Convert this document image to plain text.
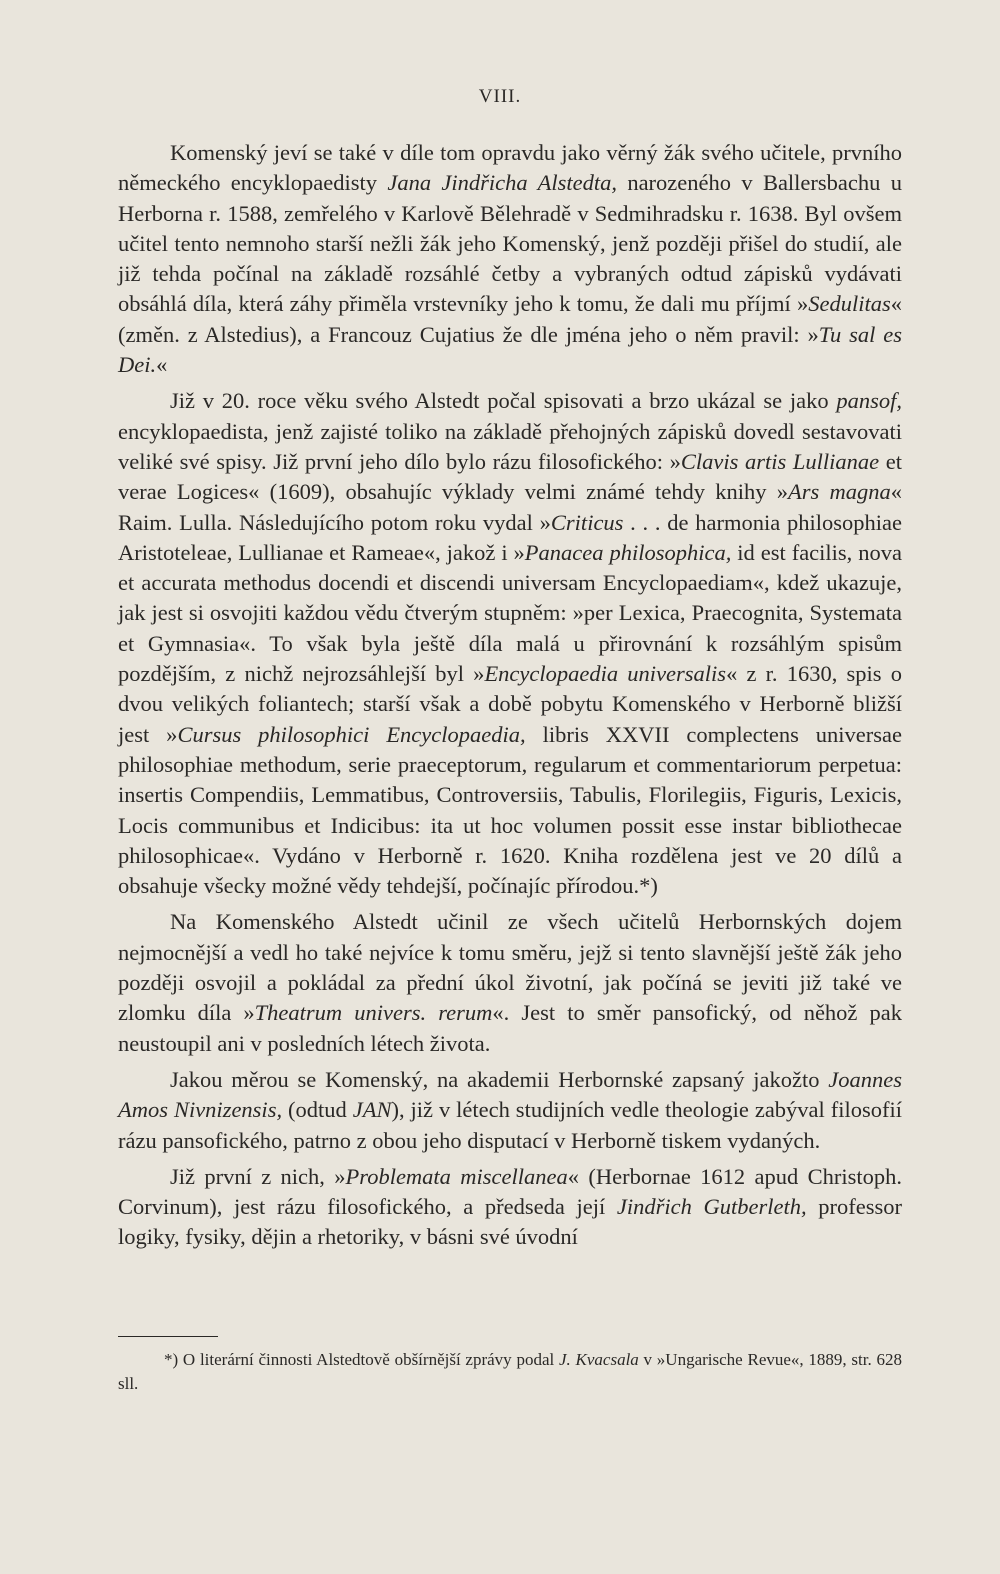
VIII.

Komenský jeví se také v díle tom opravdu jako věrný žák svého učitele, prvního německého encyklopaedisty Jana Jindřicha Alstedta, narozeného v Ballersbachu u Herborna r. 1588, zemřelého v Karlově Bělehradě v Sedmihradsku r. 1638. Byl ovšem učitel tento nemnoho starší nežli žák jeho Komenský, jenž později přišel do studií, ale již tehda počínal na základě rozsáhlé četby a vybraných odtud zápisků vydávati obsáhlá díla, která záhy přiměla vrstevníky jeho k tomu, že dali mu příjmí »Sedulitas« (změn. z Alstedius), a Francouz Cujatius že dle jména jeho o něm pravil: »Tu sal es Dei.«

Již v 20. roce věku svého Alstedt počal spisovati a brzo ukázal se jako pansof, encyklopaedista, jenž zajisté toliko na základě přehojných zápisků dovedl sestavovati veliké své spisy. Již první jeho dílo bylo rázu filosofického: »Clavis artis Lullianae et verae Logices« (1609), obsahujíc výklady velmi známé tehdy knihy »Ars magna« Raim. Lulla. Následujícího potom roku vydal »Criticus . . . de harmonia philosophiae Aristoteleae, Lullianae et Rameae«, jakož i »Panacea philosophica, id est facilis, nova et accurata methodus docendi et discendi universam Encyclopaediam«, kdež ukazuje, jak jest si osvojiti každou vědu čtverým stupněm: »per Lexica, Praecognita, Systemata et Gymnasia«. To však byla ještě díla malá u přirovnání k rozsáhlým spisům pozdějším, z nichž nejrozsáhlejší byl »Encyclopaedia universalis« z r. 1630, spis o dvou velikých foliantech; starší však a době pobytu Komenského v Herborně bližší jest »Cursus philosophici Encyclopaedia, libris XXVII complectens universae philosophiae methodum, serie praeceptorum, regularum et commentariorum perpetua: insertis Compendiis, Lemmatibus, Controversiis, Tabulis, Florilegiis, Figuris, Lexicis, Locis communibus et Indicibus: ita ut hoc volumen possit esse instar bibliothecae philosophicae«. Vydáno v Herborně r. 1620. Kniha rozdělena jest ve 20 dílů a obsahuje všecky možné vědy tehdejší, počínajíc přírodou.*)

Na Komenského Alstedt učinil ze všech učitelů Herbornských dojem nejmocnější a vedl ho také nejvíce k tomu směru, jejž si tento slavnější ještě žák jeho později osvojil a pokládal za přední úkol životní, jak počíná se jeviti již také ve zlomku díla »Theatrum univers. rerum«. Jest to směr pansofický, od něhož pak neustoupil ani v posledních létech života.

Jakou měrou se Komenský, na akademii Herbornské zapsaný jakožto Joannes Amos Nivnizensis, (odtud JAN), již v létech studijních vedle theologie zabýval filosofií rázu pansofického, patrno z obou jeho disputací v Herborně tiskem vydaných.

Již první z nich, »Problemata miscellanea« (Herbornae 1612 apud Christoph. Corvinum), jest rázu filosofického, a předseda její Jindřich Gutberleth, professor logiky, fysiky, dějin a rhetoriky, v básni své úvodní

*) O literární činnosti Alstedtově obšírnější zprávy podal J. Kvacsala v »Ungarische Revue«, 1889, str. 628 sll.
